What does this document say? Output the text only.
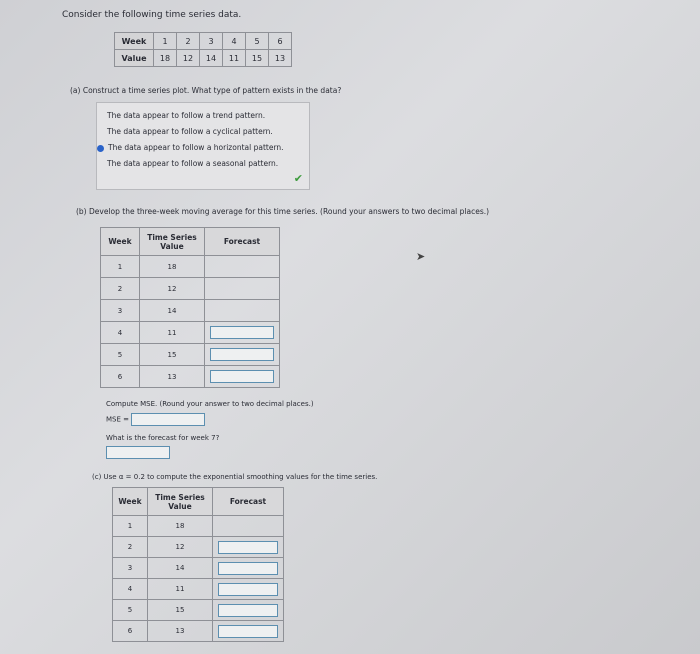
Consider the following time series data.
Week	1	2	3	4	5	6
Value	18	12	14	11	15	13
(a) Construct a time series plot. What type of pattern exists in the data?
The data appear to follow a trend pattern.
The data appear to follow a cyclical pattern.
The data appear to follow a horizontal pattern.
The data appear to follow a seasonal pattern.
✔
(b) Develop the three-week moving average for this time series. (Round your answers to two decimal places.)
Week	Time Series Value	Forecast
1	18	
2	12	
3	14	
4	11	
5	15	
6	13	
Compute MSE. (Round your answer to two decimal places.)
MSE =
What is the forecast for week 7?
(c) Use α = 0.2 to compute the exponential smoothing values for the time series.
Week	Time Series Value	Forecast
1	18	
2	12	
3	14	
4	11	
5	15	
6	13	
➤
